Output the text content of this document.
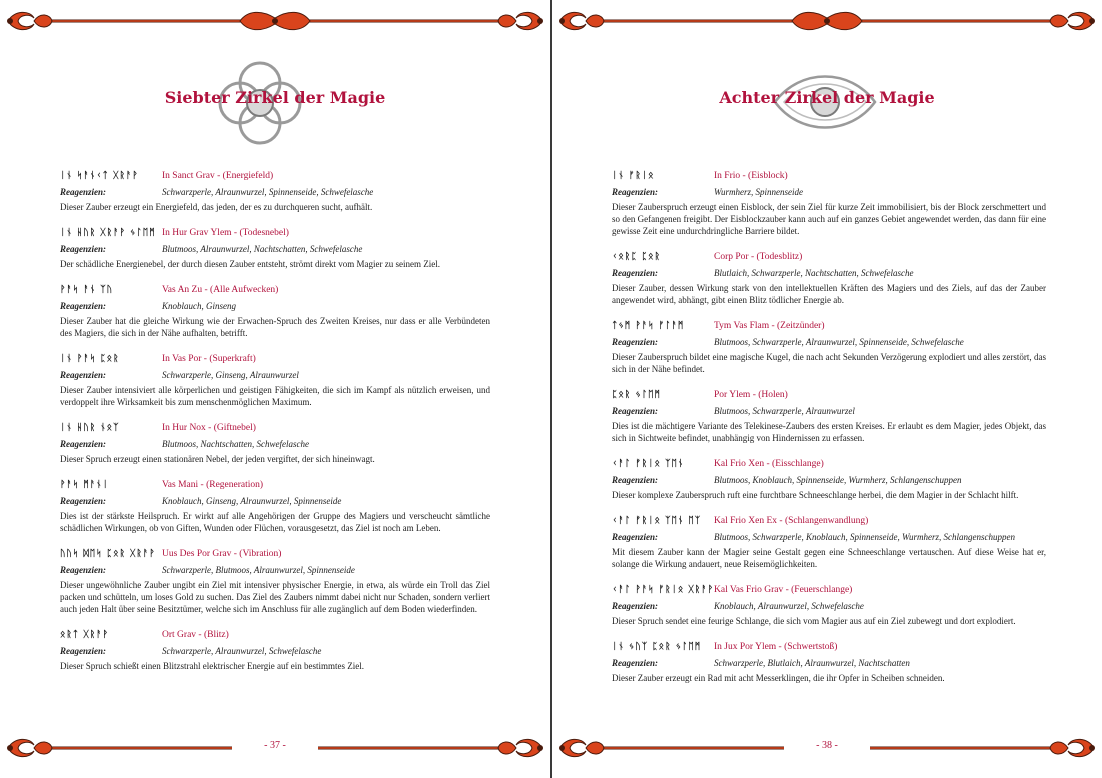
Siebter Zirkel der Magie
ᛁᚾ ᛋᚨᚾᚲᛏ ᚷᚱᚨᚹ	In Sanct Grav - (Energiefeld)
Reagenzien:	Schwarzperle, Alraunwurzel, Spinnenseide, Schwefelasche
Dieser Zauber erzeugt ein Energiefeld, das jeden, der es zu durchqueren sucht, aufhält.
ᛁᚾ ᚺᚢᚱ ᚷᚱᚨᚹ ᛃᛚᛖᛗ In Hur Grav Ylem - (Todesnebel)
Reagenzien:	Blutmoos, Alraunwurzel, Nachtschatten, Schwefelasche
Der schädliche Energienebel, der durch diesen Zauber entsteht, strömt direkt vom Magier zu seinem Ziel.
ᚹᚨᛋ ᚨᚾ ᛉᚢ	Vas An Zu - (Alle Aufwecken)
Reagenzien:	Knoblauch, Ginseng
Dieser Zauber hat die gleiche Wirkung wie der Erwachen-Spruch des Zweiten Kreises, nur dass er alle Verbündeten des Magiers, die sich in der Nähe aufhalten, betrifft.
ᛁᚾ ᚹᚨᛋ ᛈᛟᚱ	In Vas Por - (Superkraft)
Reagenzien:	Schwarzperle, Ginseng, Alraunwurzel
Dieser Zauber intensiviert alle körperlichen und geistigen Fähigkeiten, die sich im Kampf als nützlich erweisen, und verdoppelt ihre Wirksamkeit bis zum menschenmöglichen Maximum.
ᛁᚾ ᚺᚢᚱ ᚾᛟᛉ	In Hur Nox - (Giftnebel)
Reagenzien:	Blutmoos, Nachtschatten, Schwefelasche
Dieser Spruch erzeugt einen stationären Nebel, der jeden vergiftet, der sich hineinwagt.
ᚹᚨᛋ ᛗᚨᚾᛁ	Vas Mani - (Regeneration)
Reagenzien:	Knoblauch, Ginseng, Alraunwurzel, Spinnenseide
Dies ist der stärkste Heilspruch. Er wirkt auf alle Angehörigen der Gruppe des Magiers und verscheucht sämtliche schädlichen Wirkungen, ob von Giften, Wunden oder Flüchen, vorausgesetzt, das Ziel ist noch am Leben.
ᚢᚢᛋ ᛞᛖᛋ ᛈᛟᚱ ᚷᚱᚨᚹ Uus Des Por Grav - (Vibration)
Reagenzien:	Schwarzperle, Blutmoos, Alraunwurzel, Spinnenseide
Dieser ungewöhnliche Zauber ungibt ein Ziel mit intensiver physischer Energie, in etwa, als würde ein Troll das Ziel packen und schütteln, um loses Gold zu suchen. Das Ziel des Zaubers nimmt dabei nicht nur Schaden, sondern verliert auch jeden Halt über seine Besitztümer, welche sich im Anschluss für alle zugänglich auf dem Boden wiederfinden.
ᛟᚱᛏ ᚷᚱᚨᚹ	Ort Grav - (Blitz)
Reagenzien:	Schwarzperle, Alraunwurzel, Schwefelasche
Dieser Spruch schießt einen Blitzstrahl elektrischer Energie auf ein bestimmtes Ziel.
- 37 -
Achter Zirkel der Magie
ᛁᚾ ᚠᚱᛁᛟ	In Frio - (Eisblock)
Reagenzien:	Wurmherz, Spinnenseide
Dieser Zauberspruch erzeugt einen Eisblock, der sein Ziel für kurze Zeit immobilisiert, bis der Block zerschmettert und so den Gefangenen freigibt. Der Eisblockzauber kann auch auf ein ganzes Gebiet angewendet werden, das dann für eine gewisse Zeit eine undurchdringliche Barriere bildet.
ᚲᛟᚱᛈ ᛈᛟᚱ	Corp Por - (Todesblitz)
Reagenzien:	Blutlaich, Schwarzperle, Nachtschatten, Schwefelasche
Dieser Zauber, dessen Wirkung stark von den intellektuellen Kräften des Magiers und des Ziels, auf das der Zauber angewendet wird, abhängt, gibt einen Blitz tödlicher Energie ab.
ᛏᛃᛗ ᚹᚨᛋ ᚠᛚᚨᛗ	Tym Vas Flam - (Zeitzünder)
Reagenzien:	Blutmoos, Schwarzperle, Alraunwurzel, Spinnenseide, Schwefelasche
Dieser Zauberspruch bildet eine magische Kugel, die nach acht Sekunden Verzögerung explodiert und alles zerstört, das sich in der Nähe befindet.
ᛈᛟᚱ ᛃᛚᛖᛗ	Por Ylem - (Holen)
Reagenzien:	Blutmoos, Schwarzperle, Alraunwurzel
Dies ist die mächtigere Variante des Telekinese-Zaubers des ersten Kreises. Er erlaubt es dem Magier, jedes Objekt, das sich in Sichtweite befindet, unabhängig von Hindernissen zu erfassen.
ᚲᚨᛚ ᚠᚱᛁᛟ ᛉᛖᚾ	Kal Frio Xen - (Eisschlange)
Reagenzien:	Blutmoos, Knoblauch, Spinnenseide, Wurmherz, Schlangenschuppen
Dieser komplexe Zauberspruch ruft eine furchtbare Schneeschlange herbei, die dem Magier in der Schlacht hilft.
ᚲᚨᛚ ᚠᚱᛁᛟ ᛉᛖᚾ ᛖᛉ	Kal Frio Xen Ex - (Schlangenwandlung)
Reagenzien:	Blutmoos, Schwarzperle, Knoblauch, Spinnenseide, Wurmherz, Schlangenschuppen
Mit diesem Zauber kann der Magier seine Gestalt gegen eine Schneeschlange vertauschen. Auf diese Weise hat er, solange die Wirkung andauert, neue Reisemöglichkeiten.
ᚲᚨᛚ ᚹᚨᛋ ᚠᚱᛁᛟ ᚷᚱᚨᚹ Kal Vas Frio Grav - (Feuerschlange)
Reagenzien:	Knoblauch, Alraunwurzel, Schwefelasche
Dieser Spruch sendet eine feurige Schlange, die sich vom Magier aus auf ein Ziel zubewegt und dort explodiert.
ᛁᚾ ᛃᚢᛉ ᛈᛟᚱ ᛃᛚᛖᛗ	In Jux Por Ylem - (Schwertstoß)
Reagenzien:	Schwarzperle, Blutlaich, Alraunwurzel, Nachtschatten
Dieser Zauber erzeugt ein Rad mit acht Messerklingen, die ihr Opfer in Scheiben schneiden.
- 38 -
